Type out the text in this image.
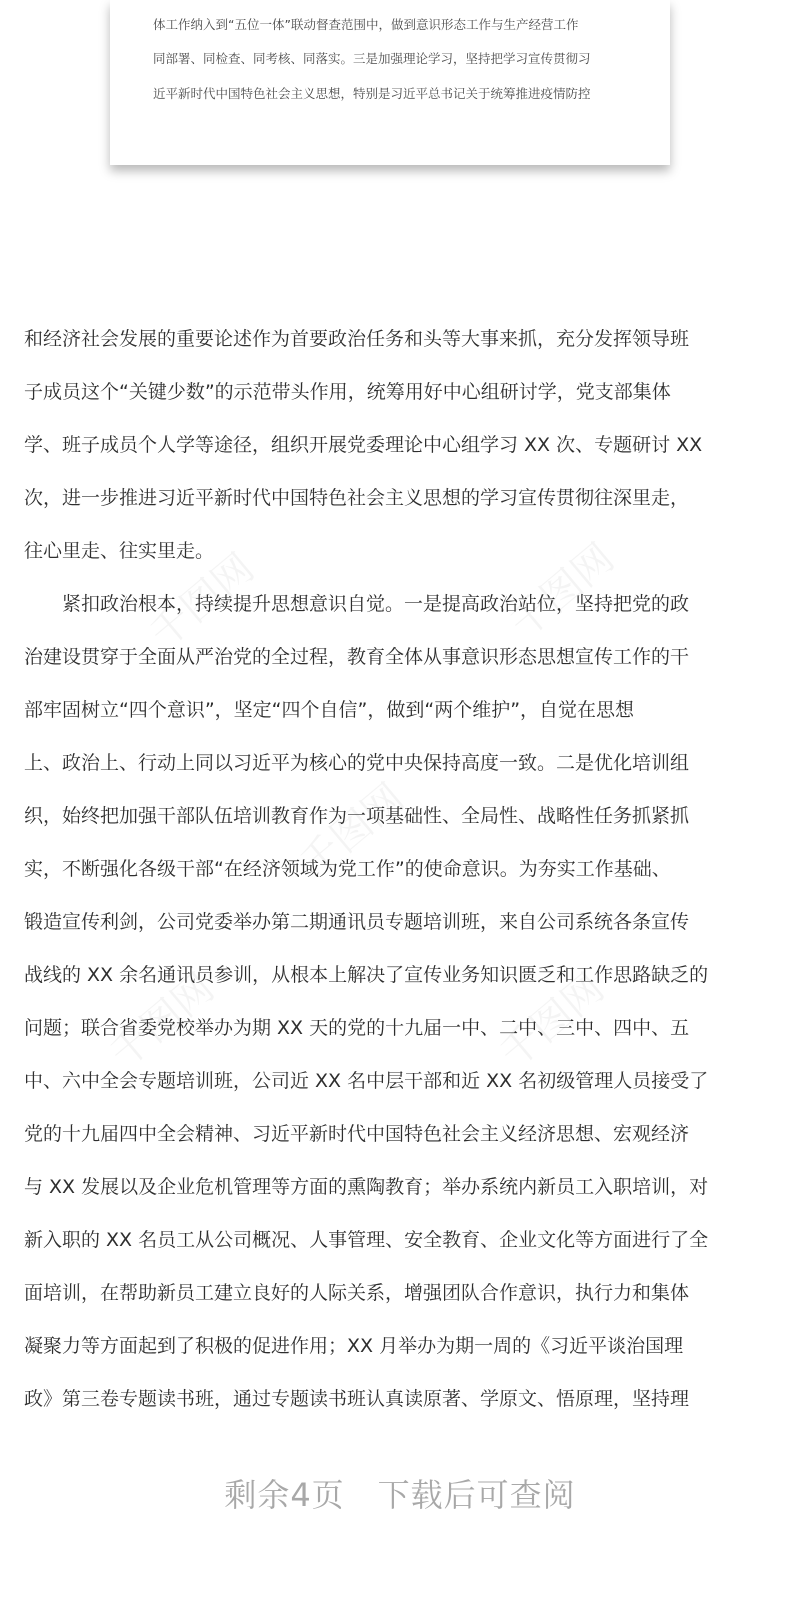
体工作纳入到“五位一体”联动督查范围中，做到意识形态工作与生产经营工作
同部署、同检查、同考核、同落实。三是加强理论学习，坚持把学习宣传贯彻习
近平新时代中国特色社会主义思想，特别是习近平总书记关于统筹推进疫情防控
和经济社会发展的重要论述作为首要政治任务和头等大事来抓，充分发挥领导班
子成员这个“关键少数”的示范带头作用，统筹用好中心组研讨学，党支部集体
学、班子成员个人学等途径，组织开展党委理论中心组学习 XX 次、专题研讨 XX
次，进一步推进习近平新时代中国特色社会主义思想的学习宣传贯彻往深里走，
往心里走、往实里走。
　　紧扣政治根本，持续提升思想意识自觉。一是提高政治站位，坚持把党的政
治建设贯穿于全面从严治党的全过程，教育全体从事意识形态思想宣传工作的干
部牢固树立“四个意识”，坚定“四个自信”，做到“两个维护”，自觉在思想
上、政治上、行动上同以习近平为核心的党中央保持高度一致。二是优化培训组
织，始终把加强干部队伍培训教育作为一项基础性、全局性、战略性任务抓紧抓
实，不断强化各级干部“在经济领域为党工作”的使命意识。为夯实工作基础、
锻造宣传利剑，公司党委举办第二期通讯员专题培训班，来自公司系统各条宣传
战线的 XX 余名通讯员参训，从根本上解决了宣传业务知识匮乏和工作思路缺乏的
问题；联合省委党校举办为期 XX 天的党的十九届一中、二中、三中、四中、五
中、六中全会专题培训班，公司近 XX 名中层干部和近 XX 名初级管理人员接受了
党的十九届四中全会精神、习近平新时代中国特色社会主义经济思想、宏观经济
与 XX 发展以及企业危机管理等方面的熏陶教育；举办系统内新员工入职培训，对
新入职的 XX 名员工从公司概况、人事管理、安全教育、企业文化等方面进行了全
面培训，在帮助新员工建立良好的人际关系，增强团队合作意识，执行力和集体
凝聚力等方面起到了积极的促进作用；XX 月举办为期一周的《习近平谈治国理
政》第三卷专题读书班，通过专题读书班认真读原著、学原文、悟原理，坚持理
剩余4页　下载后可查阅
